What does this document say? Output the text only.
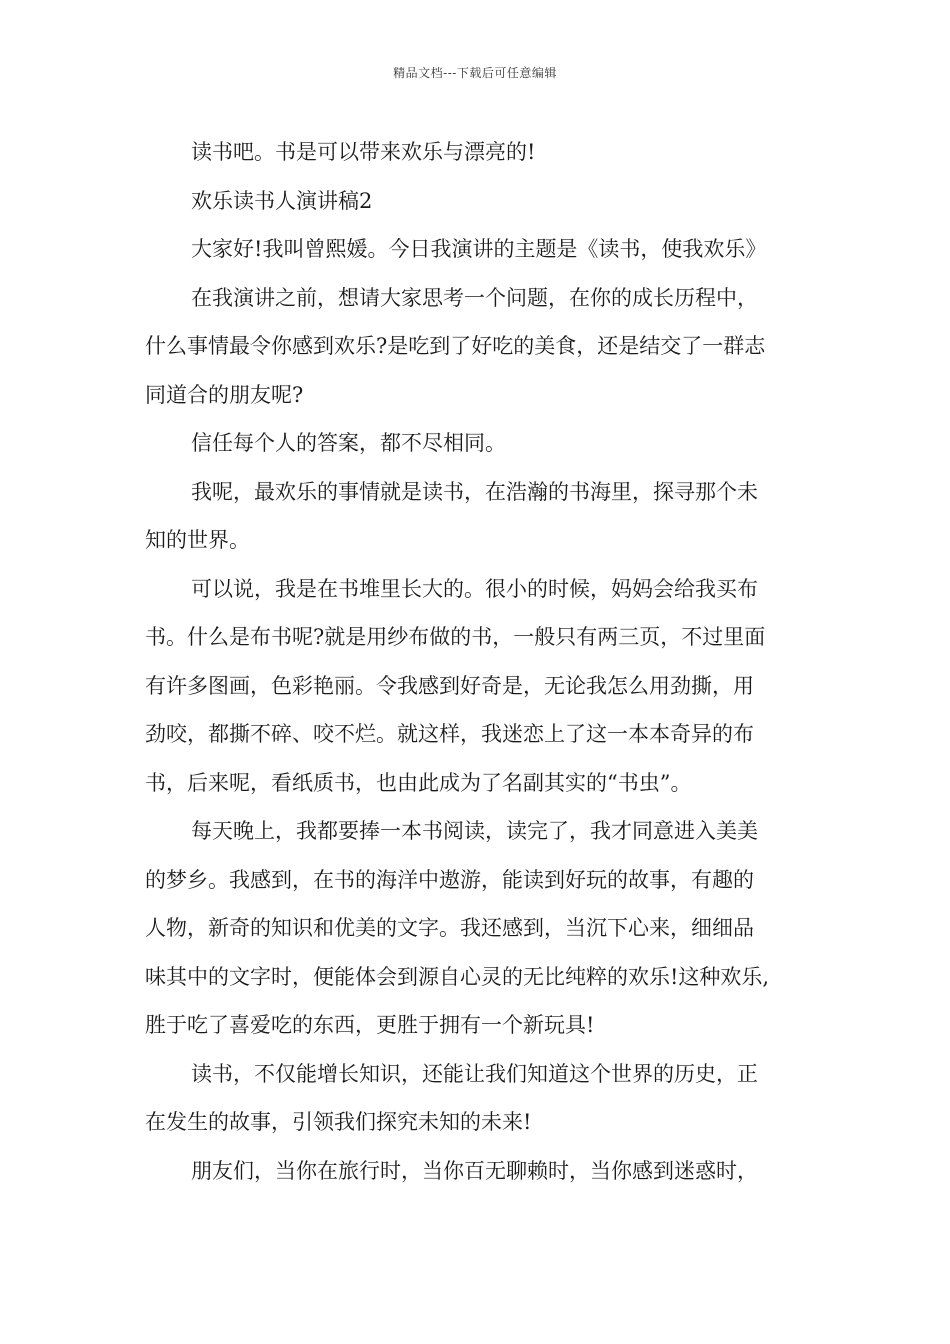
精品文档---下载后可任意编辑

读书吧。书是可以带来欢乐与漂亮的!

欢乐读书人演讲稿2

大家好!我叫曾熙媛。今日我演讲的主题是《读书，使我欢乐》

在我演讲之前，想请大家思考一个问题，在你的成长历程中，

什么事情最令你感到欢乐?是吃到了好吃的美食，还是结交了一群志

同道合的朋友呢?

信任每个人的答案，都不尽相同。

我呢，最欢乐的事情就是读书，在浩瀚的书海里，探寻那个未

知的世界。

可以说，我是在书堆里长大的。很小的时候，妈妈会给我买布

书。什么是布书呢?就是用纱布做的书，一般只有两三页，不过里面

有许多图画，色彩艳丽。令我感到好奇是，无论我怎么用劲撕，用

劲咬，都撕不碎、咬不烂。就这样，我迷恋上了这一本本奇异的布

书，后来呢，看纸质书，也由此成为了名副其实的“书虫”。

每天晚上，我都要捧一本书阅读，读完了，我才同意进入美美

的梦乡。我感到，在书的海洋中遨游，能读到好玩的故事，有趣的

人物，新奇的知识和优美的文字。我还感到，当沉下心来，细细品

味其中的文字时，便能体会到源自心灵的无比纯粹的欢乐!这种欢乐,

胜于吃了喜爱吃的东西，更胜于拥有一个新玩具!

读书，不仅能增长知识，还能让我们知道这个世界的历史，正

在发生的故事，引领我们探究未知的未来!

朋友们，当你在旅行时，当你百无聊赖时，当你感到迷惑时，
